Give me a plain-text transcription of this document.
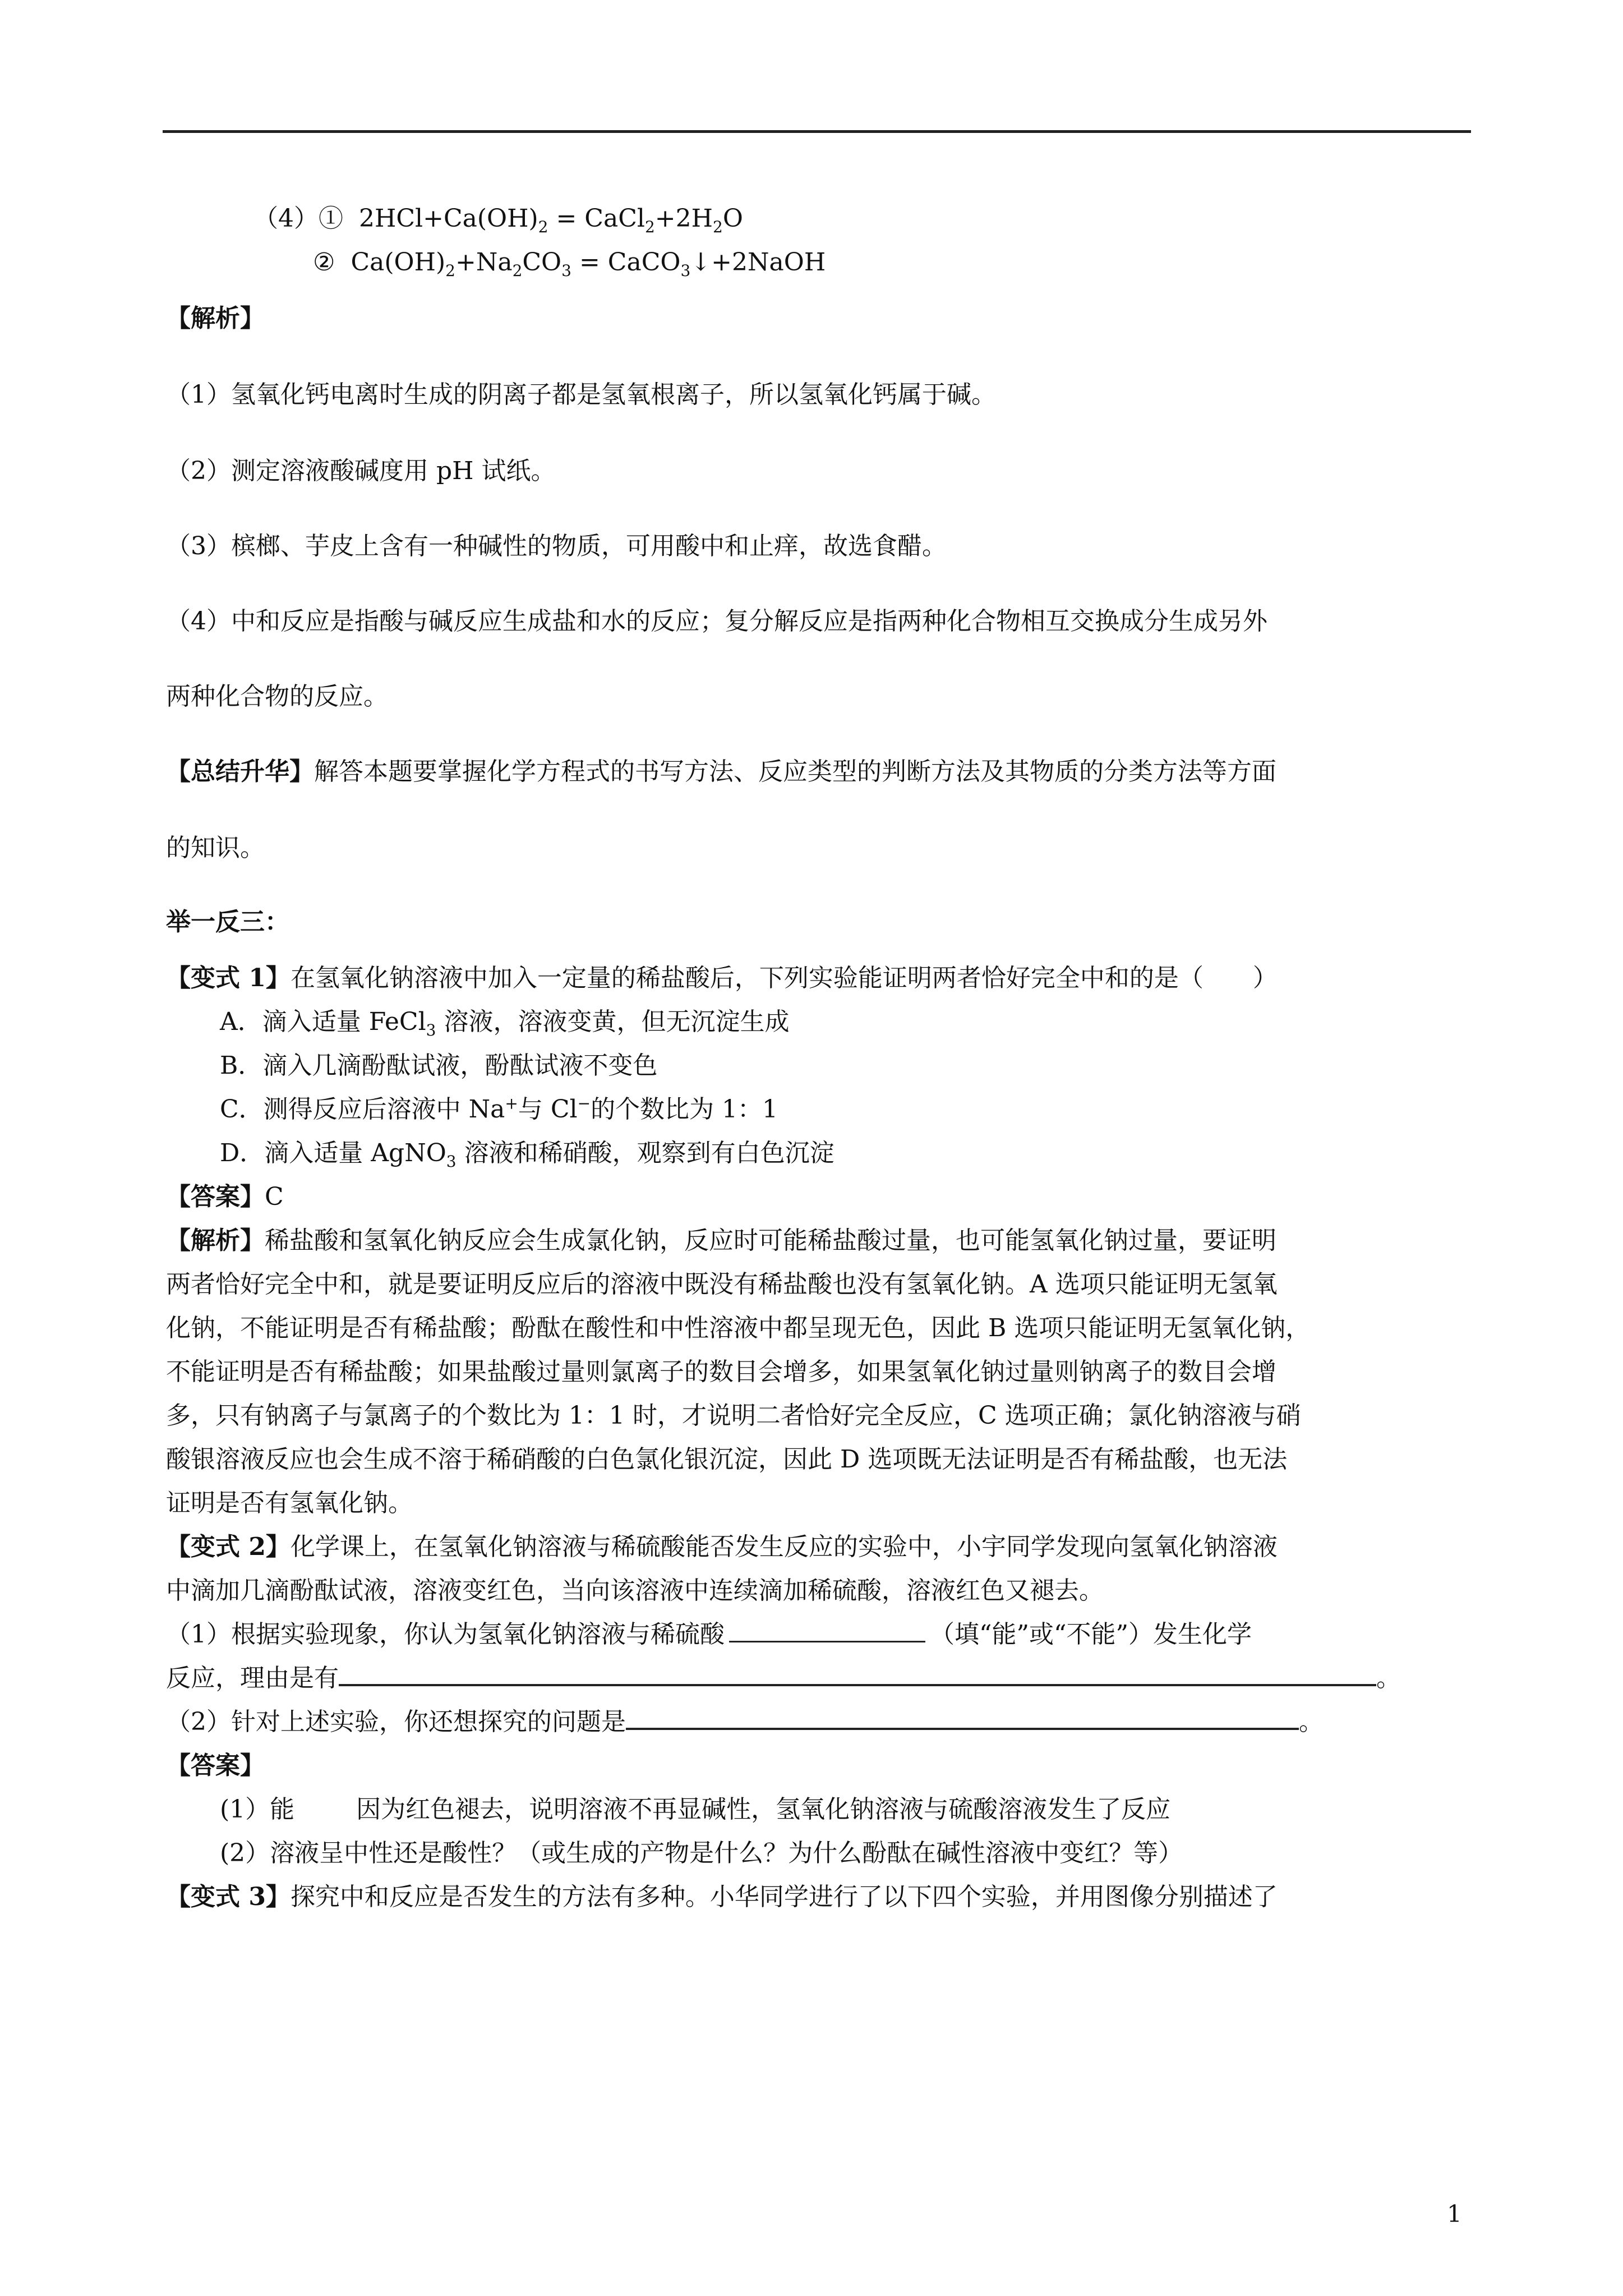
（4）① $2HCl+Ca(OH)_2$ = $CaCl_2+2H_2O$
② $Ca(OH)_2+Na_2CO_3$ = CaCO$_3$↓+2NaOH
【解析】
（1）氢氧化钙电离时生成的阴离子都是氢氧根离子，所以氢氧化钙属于碱。
（2）测定溶液酸碱度用 pH 试纸。
（3）槟榔、芋皮上含有一种碱性的物质，可用酸中和止痒，故选食醋。
（4）中和反应是指酸与碱反应生成盐和水的反应；复分解反应是指两种化合物相互交换成分生成另外
两种化合物的反应。
【总结升华】解答本题要掌握化学方程式的书写方法、反应类型的判断方法及其物质的分类方法等方面
的知识。
举一反三：
【变式 1】在氢氧化钠溶液中加入一定量的稀盐酸后，下列实验能证明两者恰好完全中和的是（　　）
A．滴入适量 FeCl$_3$ 溶液，溶液变黄，但无沉淀生成
B．滴入几滴酚酞试液，酚酞试液不变色
C．测得反应后溶液中 Na+与 Cl−的个数比为 1：1
D．滴入适量 AgNO$_3$ 溶液和稀硝酸，观察到有白色沉淀
【答案】C
【解析】稀盐酸和氢氧化钠反应会生成氯化钠，反应时可能稀盐酸过量，也可能氢氧化钠过量，要证明
两者恰好完全中和，就是要证明反应后的溶液中既没有稀盐酸也没有氢氧化钠。A 选项只能证明无氢氧
化钠，不能证明是否有稀盐酸；酚酞在酸性和中性溶液中都呈现无色，因此 B 选项只能证明无氢氧化钠，
不能证明是否有稀盐酸；如果盐酸过量则氯离子的数目会增多，如果氢氧化钠过量则钠离子的数目会增
多，只有钠离子与氯离子的个数比为 1：1 时，才说明二者恰好完全反应，C 选项正确；氯化钠溶液与硝
酸银溶液反应也会生成不溶于稀硝酸的白色氯化银沉淀，因此 D 选项既无法证明是否有稀盐酸，也无法
证明是否有氢氧化钠。
【变式 2】化学课上，在氢氧化钠溶液与稀硫酸能否发生反应的实验中，小宇同学发现向氢氧化钠溶液
中滴加几滴酚酞试液，溶液变红色，当向该溶液中连续滴加稀硫酸，溶液红色又褪去。
（1）根据实验现象，你认为氢氧化钠溶液与稀硫酸	（填“能”或“不能”）发生化学
反应，理由是有	。
（2）针对上述实验，你还想探究的问题是	。
【答案】
(1）能	因为红色褪去，说明溶液不再显碱性，氢氧化钠溶液与硫酸溶液发生了反应
(2）溶液呈中性还是酸性？（或生成的产物是什么？为什么酚酞在碱性溶液中变红？等）
【变式 3】探究中和反应是否发生的方法有多种。小华同学进行了以下四个实验，并用图像分别描述了
1
